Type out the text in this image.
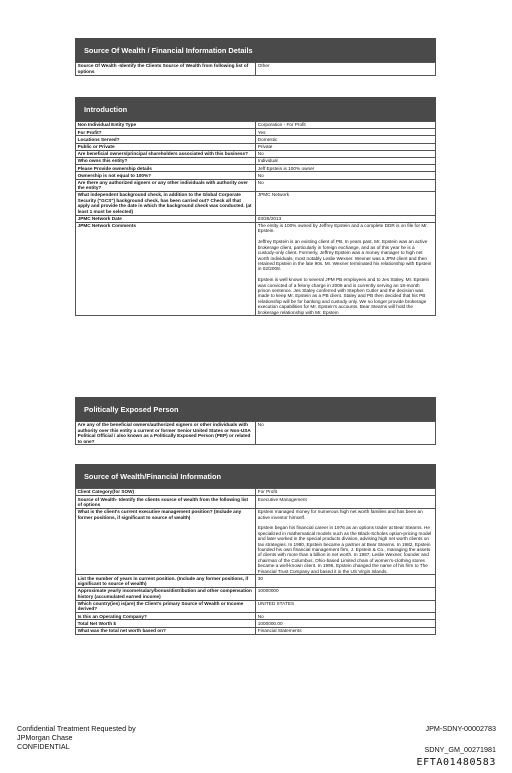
Source Of Wealth / Financial Information Details
Source Of Wealth -Identify the Clients Source of Wealth from following list of options	Other
Introduction
Non Individual Entity Type	Corporation - For Profit
For Profit?	Yes
Locations Served?	Domestic
Public or Private	Private
Are beneficial owners/principal shareholders associated with this business?	No
Who owns this entity?	Individual
Please Provide ownership details	Jeff Epstein is 100% owner
Ownership is not equal to 100%?	No
Are there any authorized signers or any other individuals with authority over the entity?	No
What independent background check, in addition to the Global Corporate Security ("GCS") background check, has been carried out? Check all that apply and provide the date in which the background check was conducted. (at least 1 must be selected)	JPMC Network
JPMC Network Date	03/26/2013
JPMC Network Comments	The entity is 100% owned by Jeffrey Epstein and a complete DDR is on file for Mr. Epstein.

Jeffrey Epstein is an existing client of PB. In years past, Mr. Epstein was an active brokerage client, particularly in foreign exchange, and as of this year he is a custody-only client. Formerly, Jeffrey Epstein was a money manager to high net worth individuals, most notably Leslie Wexner. Wexner was a JPM client and then retained Epstein in the late 90s. Mr. Wexner terminated his relationship with Epstein in 02/2008.

Epstein is well known to several JPM PB employees and to Jes Staley. Mr. Epstein was convicted of a felony charge in 2008 and is currently serving an 18-month prison sentence. Jes Staley conferred with Stephen Cutler and the decision was made to keep Mr. Epstein as a PB client. Staley and PB then decided that his PB relationship will be for banking and custody only. We no longer provide brokerage execution capabilities for Mr. Epstein's accounts. Bear Stearns will hold the brokerage relationship with Mr. Epstein
Politically Exposed Person
Are any of the beneficial owners/authorized signers or other individuals with authority over this entity a current or former Senior United States or Non-USA Political Official / also known as a Politically Exposed Person (PEP) or related to one?	No
Source of Wealth/Financial Information
Client Category(for SOW)	For Profit
Source of Wealth- Identify the clients source of wealth from the following list of options	Executive Management
What is the client's current executive management position? (Include any former positions, if significant to source of wealth)	Epstein managed money for numerous high net worth families and has been an active investor himself.

Epstein began his financial career in 1976 as an options trader at Bear Stearns. He specialized in mathematical models such as the Black-Scholes option-pricing model and later worked in the special products division, advising high net worth clients on tax strategies. In 1980, Epstein became a partner at Bear Stearns. In 1982, Epstein founded his own financial management firm, J. Epstein & Co., managing the assets of clients with more than a billion in net worth. In 1987, Leslie Wexner, founder and chairman of the Columbus, Ohio-based Limited chain of women's-clothing stores became a well-known client. In 1996, Epstein changed the name of his firm to The Financial Trust Company and based it in the US Virgin Islands.
List the number of years in current position. (Include any former positions, if significant to source of wealth)	30
Approximate yearly income/salary/bonus/distribution and other compensation history (accumulated earned income)	10000000
Which country(ies) is(are) the Client's primary Source of Wealth or Income derived?	UNITED STATES
Is this an Operating Company?	No
Total Net Worth $	1000000.00
What was the total net worth based on?	Financial Statements
Confidential Treatment Requested by
JPMorgan Chase
CONFIDENTIAL
JPM-SDNY-00002783
SDNY_GM_00271981
EFTA01480583
